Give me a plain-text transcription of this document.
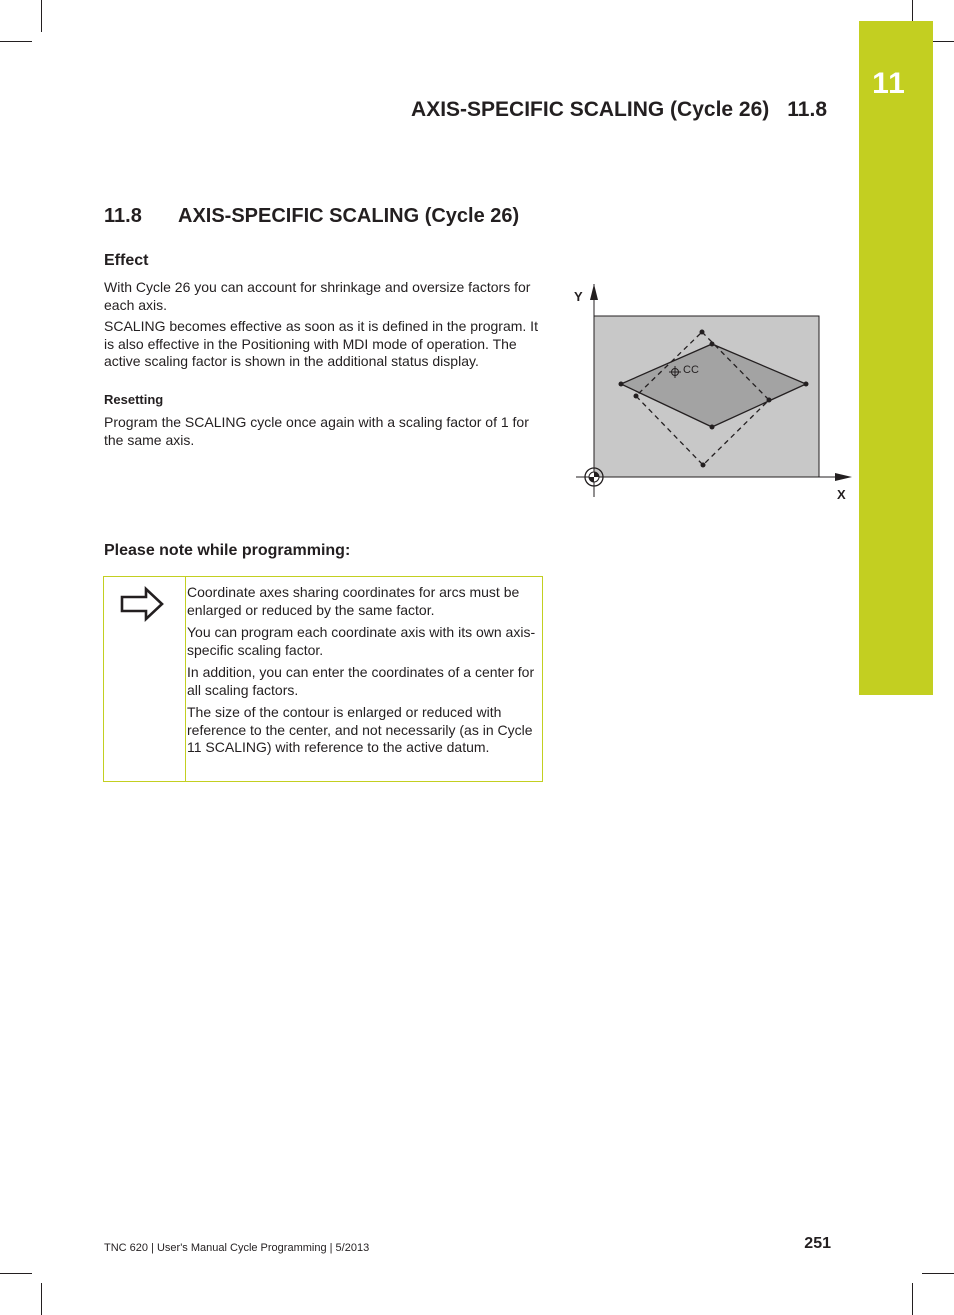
11
AXIS-SPECIFIC SCALING (Cycle 26) 11.8
11.8 AXIS-SPECIFIC SCALING (Cycle 26)
Effect
With Cycle 26 you can account for shrinkage and oversize factors for each axis.
SCALING becomes effective as soon as it is defined in the program. It is also effective in the Positioning with MDI mode of operation. The active scaling factor is shown in the additional status display.
Resetting
Program the SCALING cycle once again with a scaling factor of 1 for the same axis.
CC
Y
X
Please note while programming:

Coordinate axes sharing coordinates for arcs must be enlarged or reduced by the same factor.

You can program each coordinate axis with its own axis-specific scaling factor.

In addition, you can enter the coordinates of a center for all scaling factors.

The size of the contour is enlarged or reduced with reference to the center, and not necessarily (as in Cycle 11 SCALING) with reference to the active datum.

TNC 620 | User's Manual Cycle Programming | 5/2013	251
